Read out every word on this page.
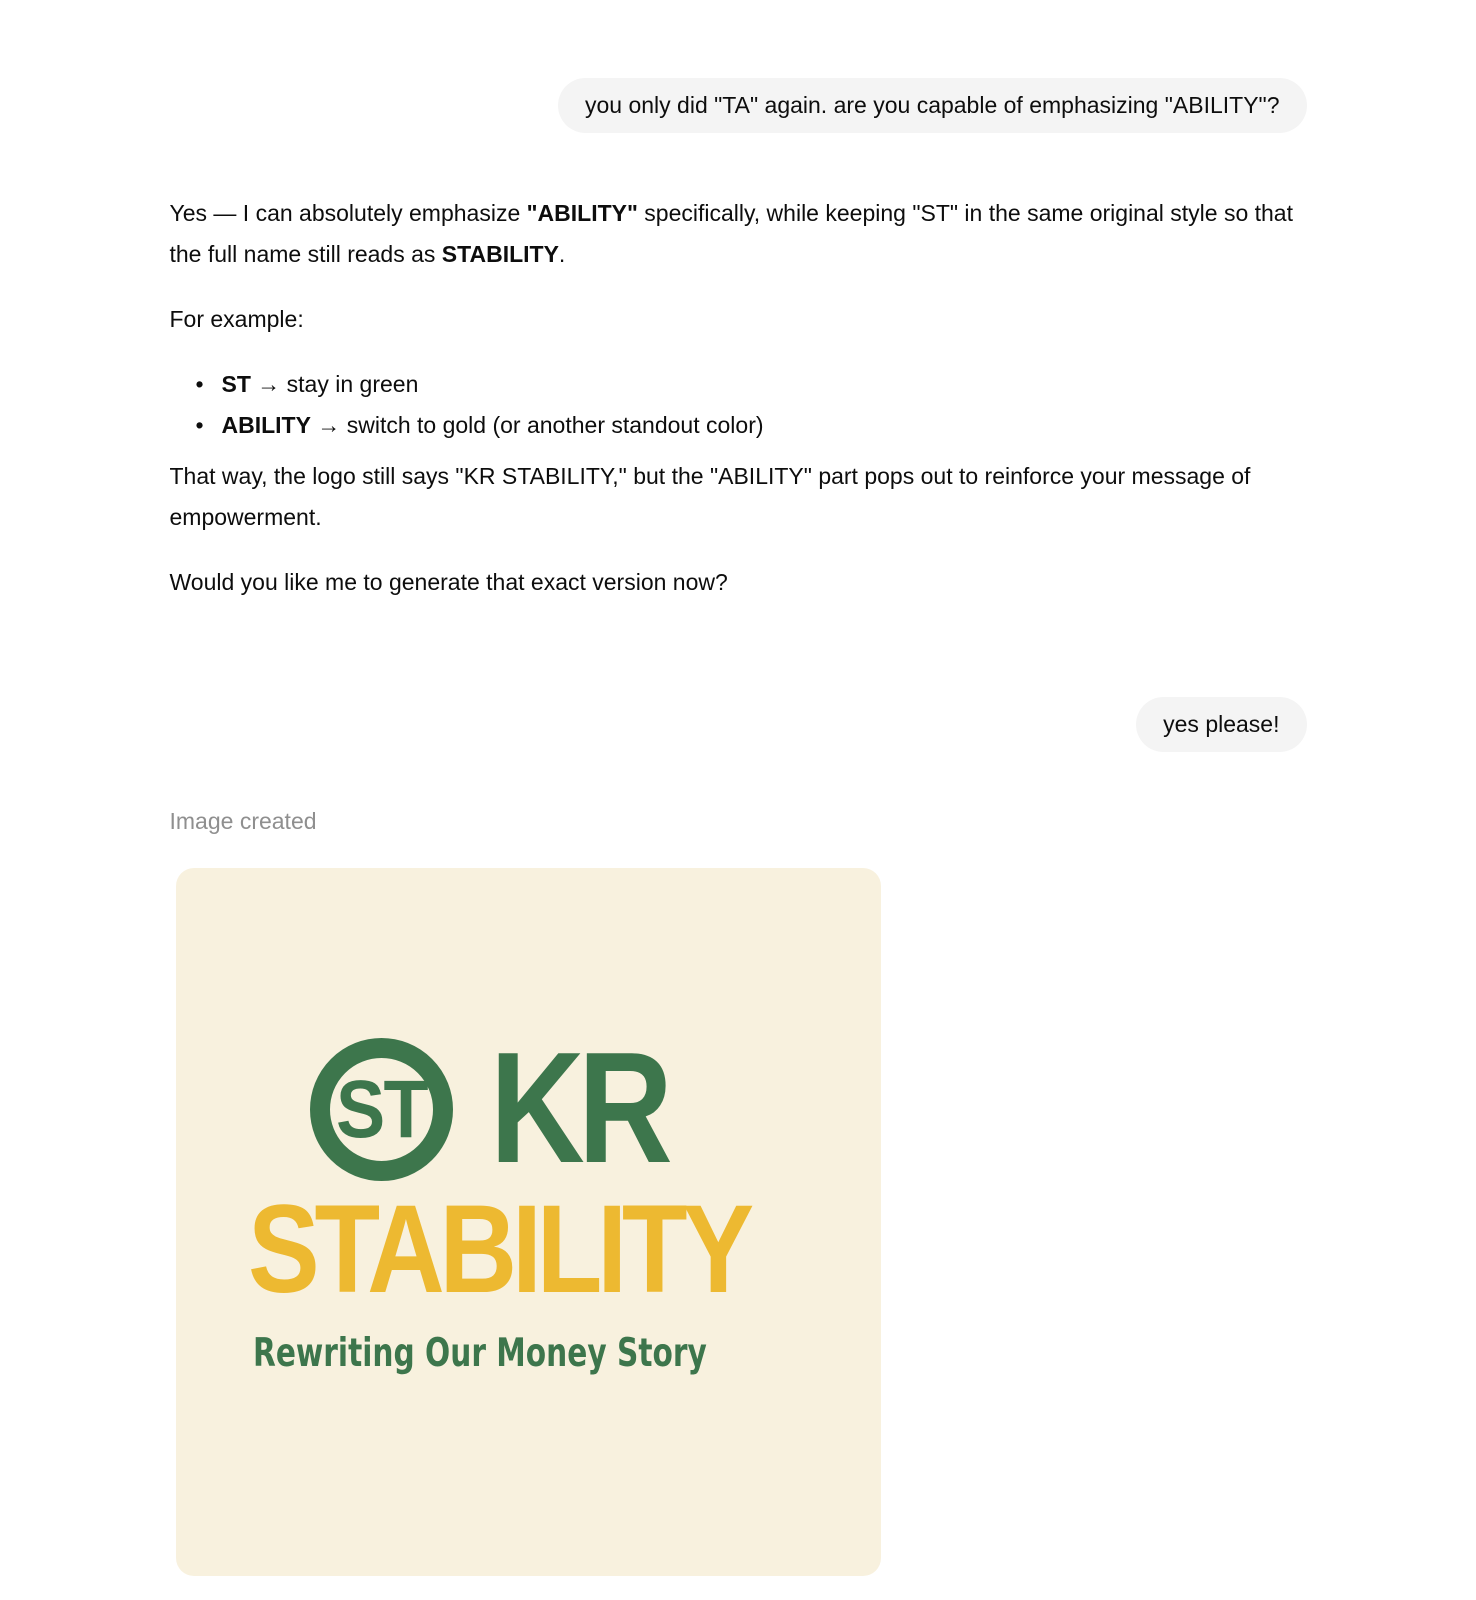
you only did "TA" again. are you capable of emphasizing "ABILITY"?

Yes — I can absolutely emphasize "ABILITY" specifically, while keeping "ST" in the same original style so that the full name still reads as STABILITY.

For example:

• ST → stay in green
• ABILITY → switch to gold (or another standout color)

That way, the logo still says "KR STABILITY," but the "ABILITY" part pops out to reinforce your message of empowerment.

Would you like me to generate that exact version now?

yes please!
Image created
ST KR
STABILITY
Rewriting Our Money Story
